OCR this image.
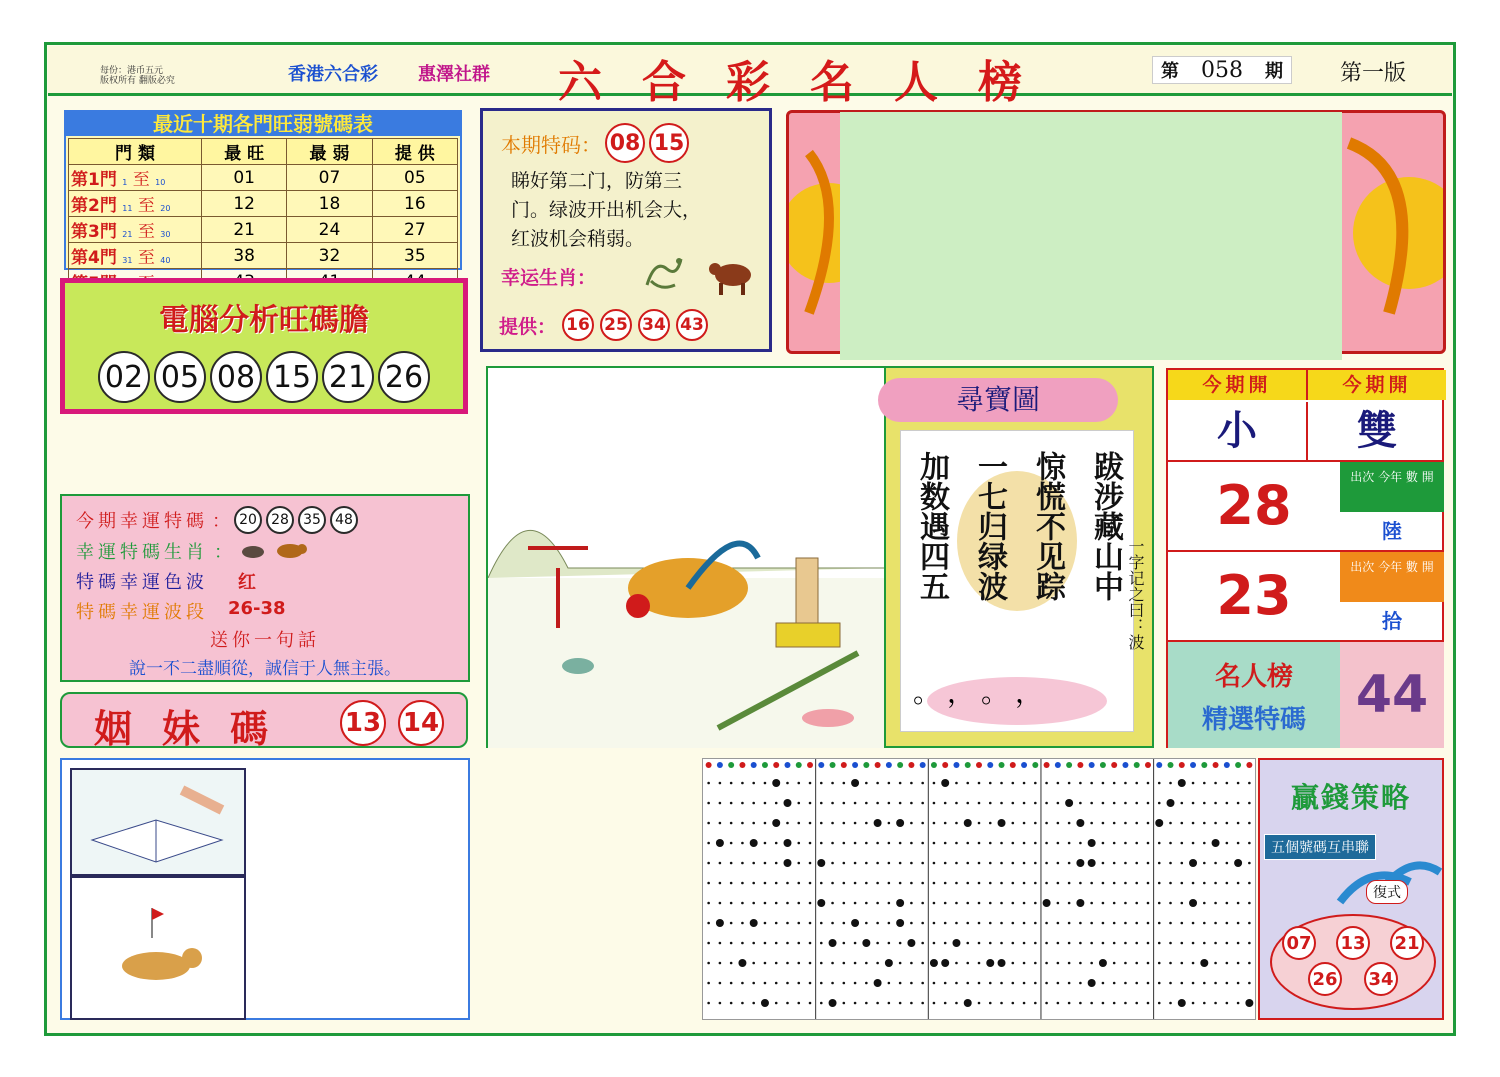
每份：港币五元
版权所有 翻版必究	香港六合彩 惠澤社群 六合彩名人榜	第 058 期	第一版
最近十期各門旺弱號碼表
門 類	最 旺	最 弱	提 供
第1門 1 至 10	01	07	05
第2門 11 至 20	12	18	16
第3門 21 至 30	21	24	27
第4門 31 至 40	38	32	35

電腦分析旺碼膽
02 05 08 15 21 26
本期特码： 08 15
睇好第二门，防第三
门。绿波开出机会大，
红波机会稍弱。
幸运生肖：
提供： 16 25 34 43
今期幸運特碼 ： 20	28	35	48
幸運特碼生肖 ：
特碼幸運色波 红
特碼幸運波段 26-38
送你一句話
說一不二盡順從，誠信于人無主張。
姻妹碼 13 14
尋寶圖
跋涉藏山中
惊慌不见踪
一七归绿波
加数遇四五
。，。，
一字记之曰：波
今期開	今期開
小	雙
28	出次 今年 數 開
陸
23	出次 今年 數 開
拾
名人榜
精選特碼 44
贏錢策略
五個號碼互串聯
復式
07 13 21
26 34
